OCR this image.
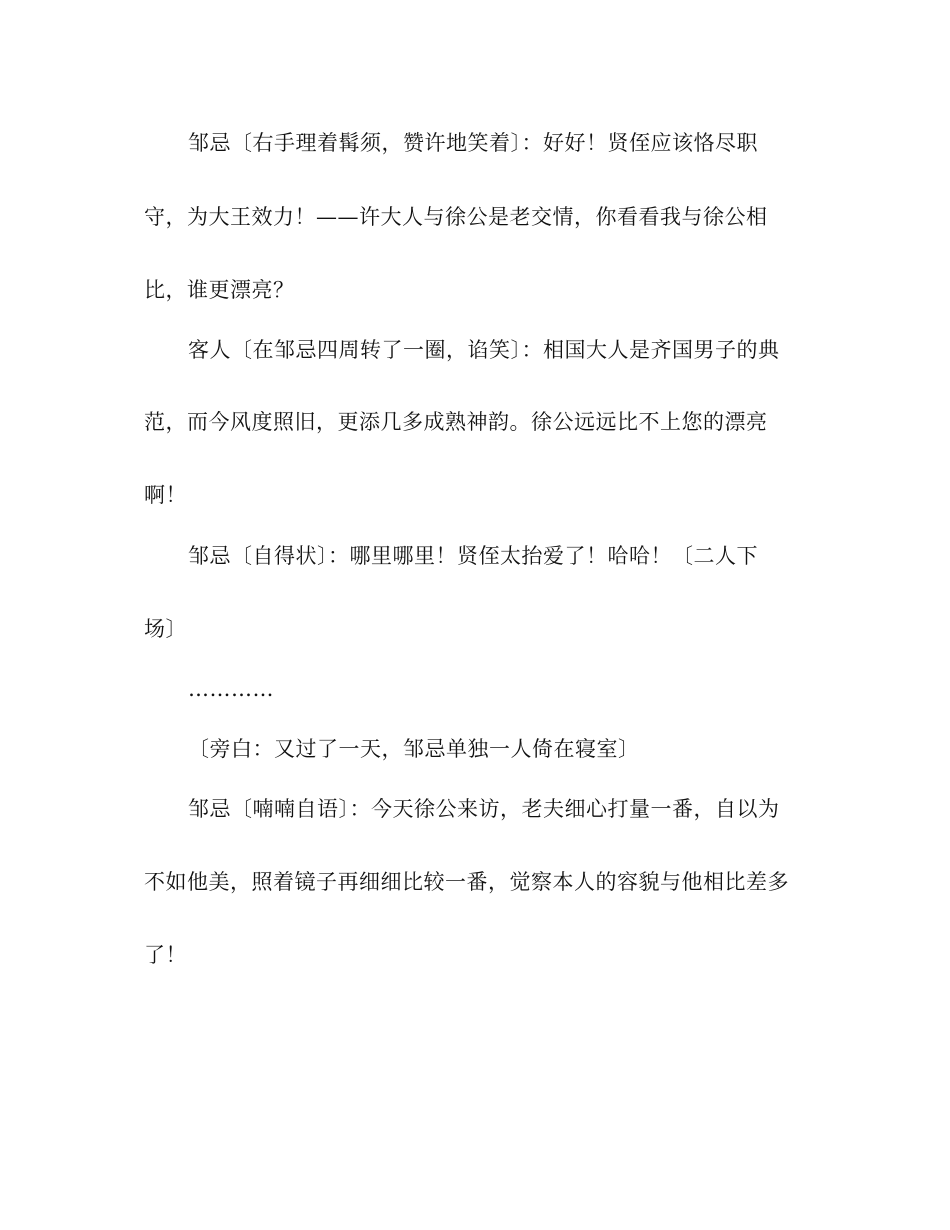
邹忌〔右手理着髯须，赞许地笑着〕：好好！贤侄应该恪尽职
守，为大王效力！——许大人与徐公是老交情，你看看我与徐公相
比，谁更漂亮？
客人〔在邹忌四周转了一圈，谄笑〕：相国大人是齐国男子的典
范，而今风度照旧，更添几多成熟神韵。徐公远远比不上您的漂亮
啊！
邹忌〔自得状〕：哪里哪里！贤侄太抬爱了！哈哈！〔二人下
场〕
…………
〔旁白：又过了一天，邹忌单独一人倚在寝室〕
邹忌〔喃喃自语〕：今天徐公来访，老夫细心打量一番，自以为
不如他美，照着镜子再细细比较一番，觉察本人的容貌与他相比差多
了！
